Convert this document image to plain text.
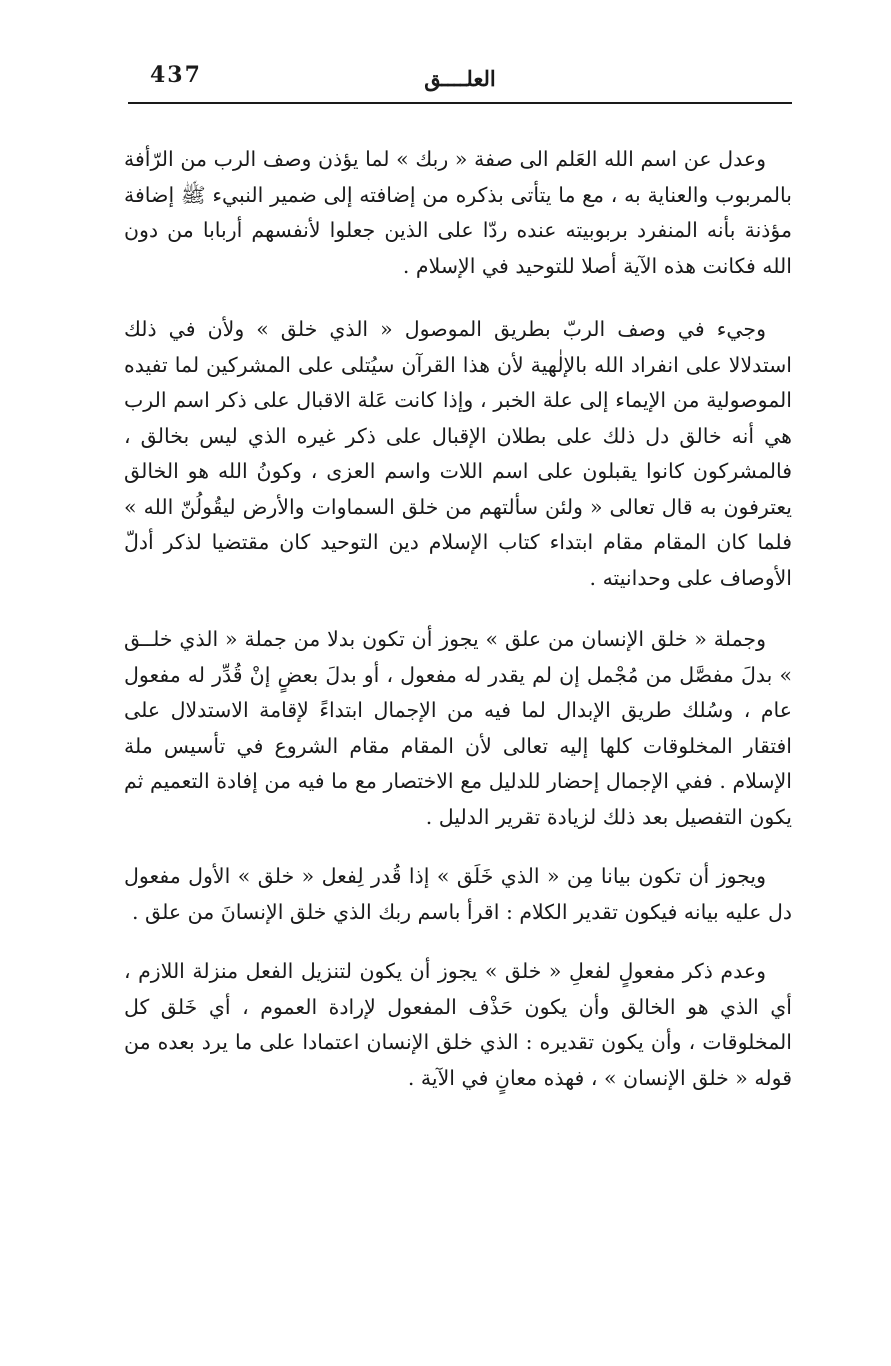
437	العلــــق

وعدل عن اسم الله العَلم الى صفة « ربك » لما يؤذن وصف الرب من الرّأفة بالمربوب والعناية به ، مع ما يتأتى بذكره من إضافته إلى ضمير النبيء ﷺ إضافة مؤذنة بأنه المنفرد بربوبيته عنده ردّا على الذين جعلوا لأنفسهم أربابا من دون الله فكانت هذه الآية أصلا للتوحيد في الإسلام .

وجيء في وصف الربّ بطريق الموصول « الذي خلق » ولأن في ذلك استدلالا على انفراد الله بالإلٰهية لأن هذا القرآن سيُتلى على المشركين لما تفيده الموصولية من الإيماء إلى علة الخبر ، وإذا كانت عَلة الاقبال على ذكر اسم الرب هي أنه خالق دل ذلك على بطلان الإقبال على ذكر غيره الذي ليس بخالق ، فالمشركون كانوا يقبلون على اسم اللات واسم العزى ، وكونُ الله هو الخالق يعترفون به قال تعالى « ولئن سألتهم من خلق السماوات والأرض ليقُولُنّ الله » فلما كان المقام مقام ابتداء كتاب الإسلام دين التوحيد كان مقتضيا لذكر أدلّ الأوصاف على وحدانيته .

وجملة « خلق الإنسان من علق » يجوز أن تكون بدلا من جملة « الذي خلــق » بدلَ مفصَّل من مُجْمل إن لم يقدر له مفعول ، أو بدلَ بعضٍ إنْ قُدِّر له مفعول عام ، وسُلك طريق الإبدال لما فيه من الإجمال ابتداءً لإقامة الاستدلال على افتقار المخلوقات كلها إليه تعالى لأن المقام مقام الشروع في تأسيس ملة الإسلام . ففي الإجمال إحضار للدليل مع الاختصار مع ما فيه من إفادة التعميم ثم يكون التفصيل بعد ذلك لزيادة تقرير الدليل .

ويجوز أن تكون بيانا مِن « الذي خَلَق » إذا قُدر لِفعل « خلق » الأول مفعول دل عليه بيانه فيكون تقدير الكلام : اقرأ باسم ربك الذي خلق الإنسانَ من علق .

وعدم ذكر مفعولٍ لفعلِ « خلق » يجوز أن يكون لتنزيل الفعل منزلة اللازم ، أي الذي هو الخالق وأن يكون حَذْف المفعول لإرادة العموم ، أي خَلق كل المخلوقات ، وأن يكون تقديره : الذي خلق الإنسان اعتمادا على ما يرد بعده من قوله « خلق الإنسان » ، فهذه معانٍ في الآية .
